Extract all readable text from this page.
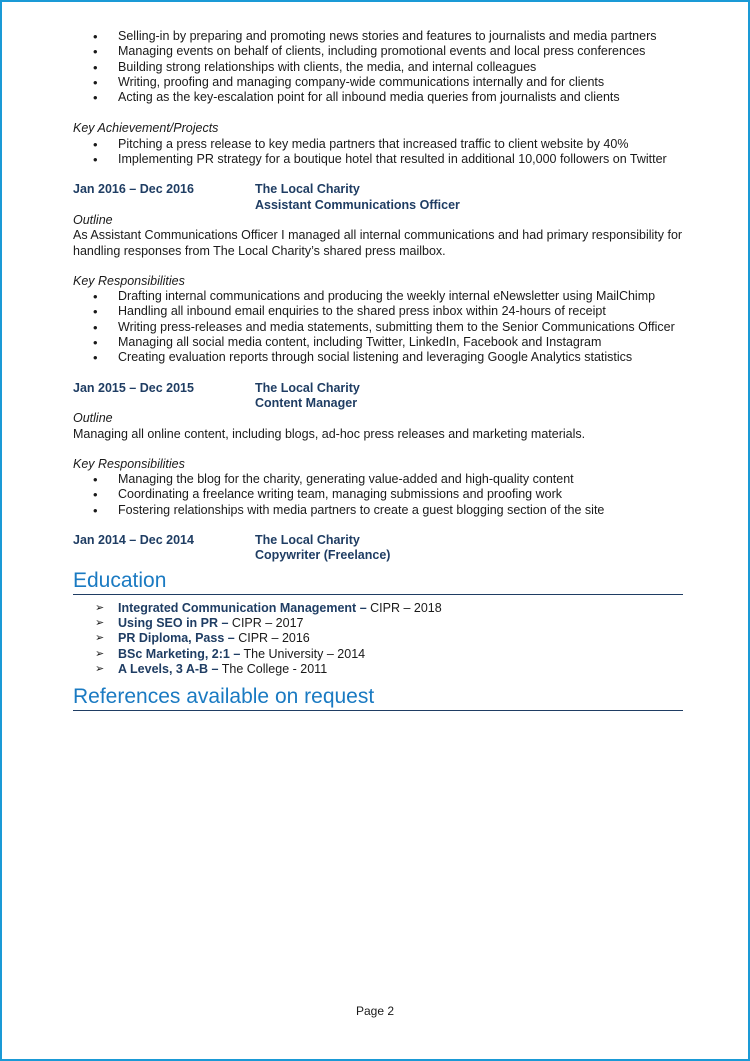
• Selling-in by preparing and promoting news stories and features to journalists and media partners
• Managing events on behalf of clients, including promotional events and local press conferences
• Building strong relationships with clients, the media, and internal colleagues
• Writing, proofing and managing company-wide communications internally and for clients
• Acting as the key-escalation point for all inbound media queries from journalists and clients
Key Achievement/Projects
• Pitching a press release to key media partners that increased traffic to client website by 40%
• Implementing PR strategy for a boutique hotel that resulted in additional 10,000 followers on Twitter
Jan 2016 – Dec 2016	The Local Charity
Assistant Communications Officer
Outline
As Assistant Communications Officer I managed all internal communications and had primary responsibility for handling responses from The Local Charity’s shared press mailbox.
Key Responsibilities
• Drafting internal communications and producing the weekly internal eNewsletter using MailChimp
• Handling all inbound email enquiries to the shared press inbox within 24-hours of receipt
• Writing press-releases and media statements, submitting them to the Senior Communications Officer
• Managing all social media content, including Twitter, LinkedIn, Facebook and Instagram
• Creating evaluation reports through social listening and leveraging Google Analytics statistics
Jan 2015 – Dec 2015	The Local Charity
Content Manager
Outline
Managing all online content, including blogs, ad-hoc press releases and marketing materials.
Key Responsibilities
• Managing the blog for the charity, generating value-added and high-quality content
• Coordinating a freelance writing team, managing submissions and proofing work
• Fostering relationships with media partners to create a guest blogging section of the site
Jan 2014 – Dec 2014	The Local Charity
Copywriter (Freelance)
Education
➢ Integrated Communication Management – CIPR – 2018
➢ Using SEO in PR – CIPR – 2017
➢ PR Diploma, Pass – CIPR – 2016
➢ BSc Marketing, 2:1 – The University – 2014
➢ A Levels, 3 A-B – The College - 2011
References available on request
Page 2
